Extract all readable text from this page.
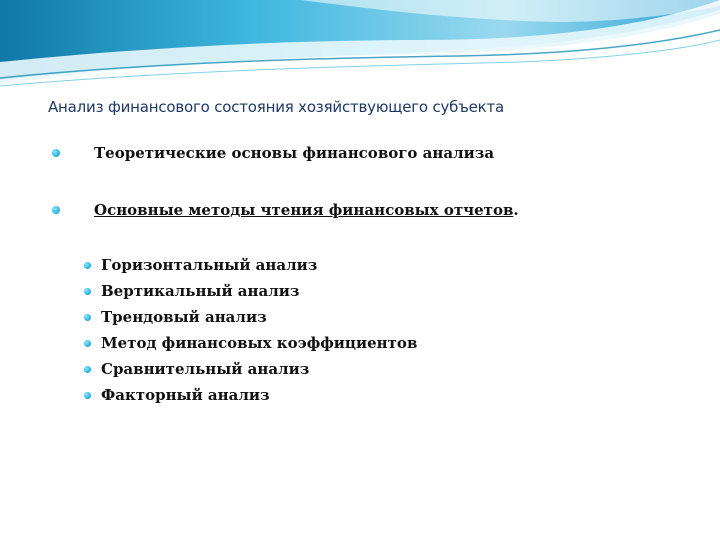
Анализ финансового состояния хозяйствующего субъекта
Теоретические основы финансового анализа
Основные методы чтения финансовых отчетов .
Горизонтальный анализ
Вертикальный анализ
Трендовый анализ
Метод финансовых коэффициентов
Сравнительный анализ
Факторный анализ
